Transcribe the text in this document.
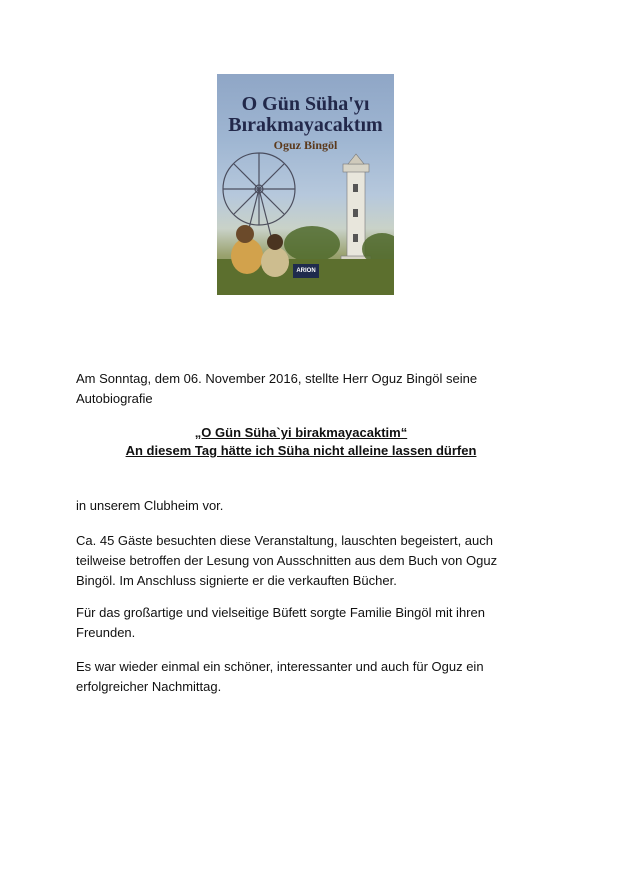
O Gün Süha'yı
Bırakmayacaktım
Oguz Bingöl
ARION
Am Sonntag, dem 06. November 2016, stellte Herr Oguz Bingöl seine Autobiografie
„O Gün Süha`yi birakmayacaktim“
An diesem Tag hätte ich Süha nicht alleine lassen dürfen
in unserem Clubheim vor.
Ca. 45 Gäste besuchten diese Veranstaltung, lauschten begeistert, auch teilweise betroffen der Lesung von Ausschnitten aus dem Buch von Oguz Bingöl. Im Anschluss signierte er die verkauften Bücher.
Für das großartige und vielseitige Büfett sorgte Familie Bingöl mit ihren Freunden.
Es war wieder einmal ein schöner, interessanter und auch für Oguz ein erfolgreicher Nachmittag.
